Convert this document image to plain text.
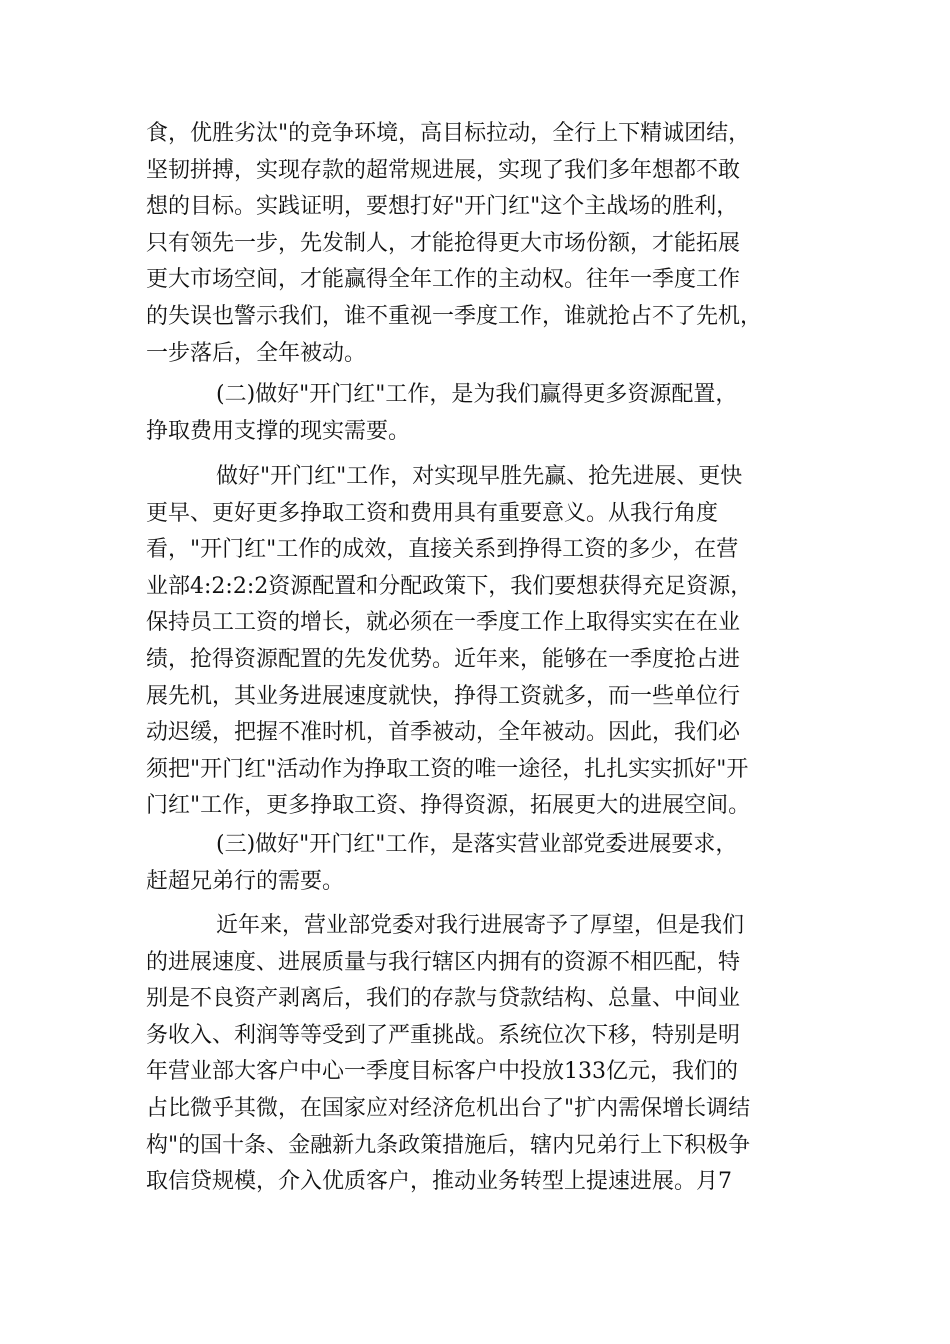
食，优胜劣汰"的竞争环境，高目标拉动，全行上下精诚团结，
坚韧拼搏，实现存款的超常规进展，实现了我们多年想都不敢
想的目标。实践证明，要想打好"开门红"这个主战场的胜利，
只有领先一步，先发制人，才能抢得更大市场份额，才能拓展
更大市场空间，才能赢得全年工作的主动权。往年一季度工作
的失误也警示我们，谁不重视一季度工作，谁就抢占不了先机，
一步落后，全年被动。
(二)做好"开门红"工作，是为我们赢得更多资源配置，
挣取费用支撑的现实需要。
做好"开门红"工作，对实现早胜先赢、抢先进展、更快
更早、更好更多挣取工资和费用具有重要意义。从我行角度
看，"开门红"工作的成效，直接关系到挣得工资的多少，在营
业部4:2:2:2资源配置和分配政策下，我们要想获得充足资源，
保持员工工资的增长，就必须在一季度工作上取得实实在在业
绩，抢得资源配置的先发优势。近年来，能够在一季度抢占进
展先机，其业务进展速度就快，挣得工资就多，而一些单位行
动迟缓，把握不准时机，首季被动，全年被动。因此，我们必
须把"开门红"活动作为挣取工资的唯一途径，扎扎实实抓好"开
门红"工作，更多挣取工资、挣得资源，拓展更大的进展空间。
(三)做好"开门红"工作，是落实营业部党委进展要求，
赶超兄弟行的需要。
近年来，营业部党委对我行进展寄予了厚望，但是我们
的进展速度、进展质量与我行辖区内拥有的资源不相匹配，特
别是不良资产剥离后，我们的存款与贷款结构、总量、中间业
务收入、利润等等受到了严重挑战。系统位次下移，特别是明
年营业部大客户中心一季度目标客户中投放133亿元，我们的
占比微乎其微，在国家应对经济危机出台了"扩内需保增长调结
构"的国十条、金融新九条政策措施后，辖内兄弟行上下积极争
取信贷规模，介入优质客户，推动业务转型上提速进展。月7
